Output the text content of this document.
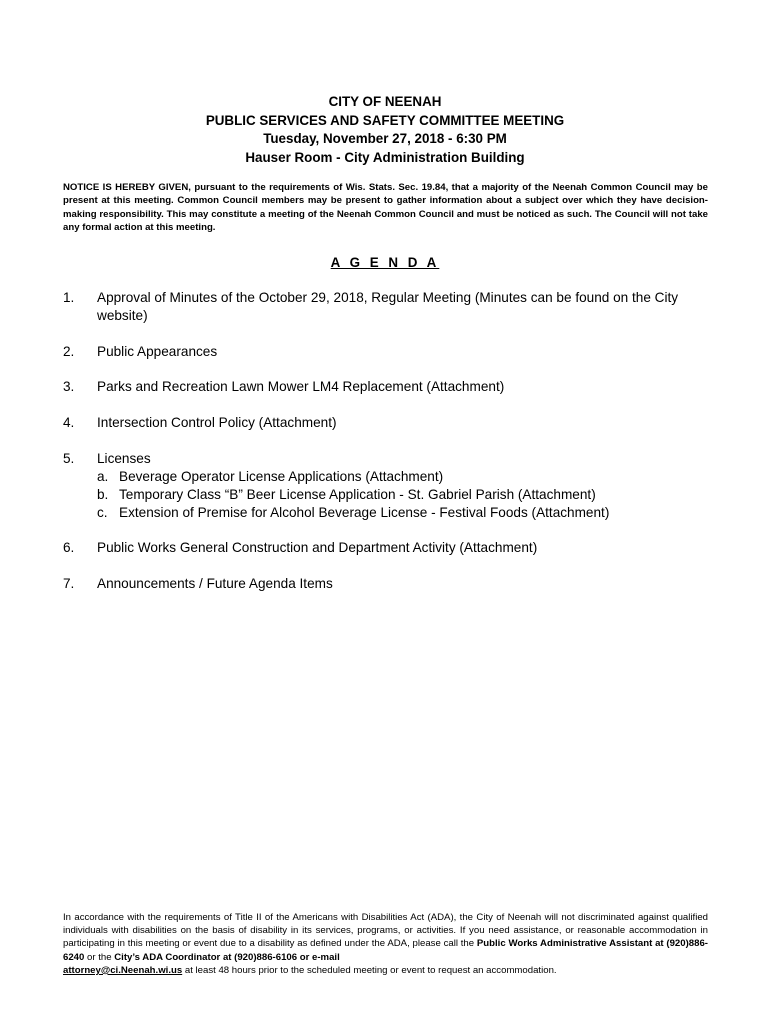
CITY OF NEENAH
PUBLIC SERVICES AND SAFETY COMMITTEE MEETING
Tuesday, November 27, 2018 - 6:30 PM
Hauser Room - City Administration Building
NOTICE IS HEREBY GIVEN, pursuant to the requirements of Wis. Stats. Sec. 19.84, that a majority of the Neenah Common Council may be present at this meeting. Common Council members may be present to gather information about a subject over which they have decision-making responsibility. This may constitute a meeting of the Neenah Common Council and must be noticed as such. The Council will not take any formal action at this meeting.
A G E N D A
1. Approval of Minutes of the October 29, 2018, Regular Meeting (Minutes can be found on the City website)
2. Public Appearances
3. Parks and Recreation Lawn Mower LM4 Replacement (Attachment)
4. Intersection Control Policy (Attachment)
5. Licenses
a. Beverage Operator License Applications (Attachment)
b. Temporary Class “B” Beer License Application - St. Gabriel Parish (Attachment)
c. Extension of Premise for Alcohol Beverage License - Festival Foods (Attachment)
6. Public Works General Construction and Department Activity (Attachment)
7. Announcements / Future Agenda Items
In accordance with the requirements of Title II of the Americans with Disabilities Act (ADA), the City of Neenah will not discriminated against qualified individuals with disabilities on the basis of disability in its services, programs, or activities. If you need assistance, or reasonable accommodation in participating in this meeting or event due to a disability as defined under the ADA, please call the Public Works Administrative Assistant at (920)886-6240 or the City’s ADA Coordinator at (920)886-6106 or e-mail
attorney@ci.Neenah.wi.us at least 48 hours prior to the scheduled meeting or event to request an accommodation.
